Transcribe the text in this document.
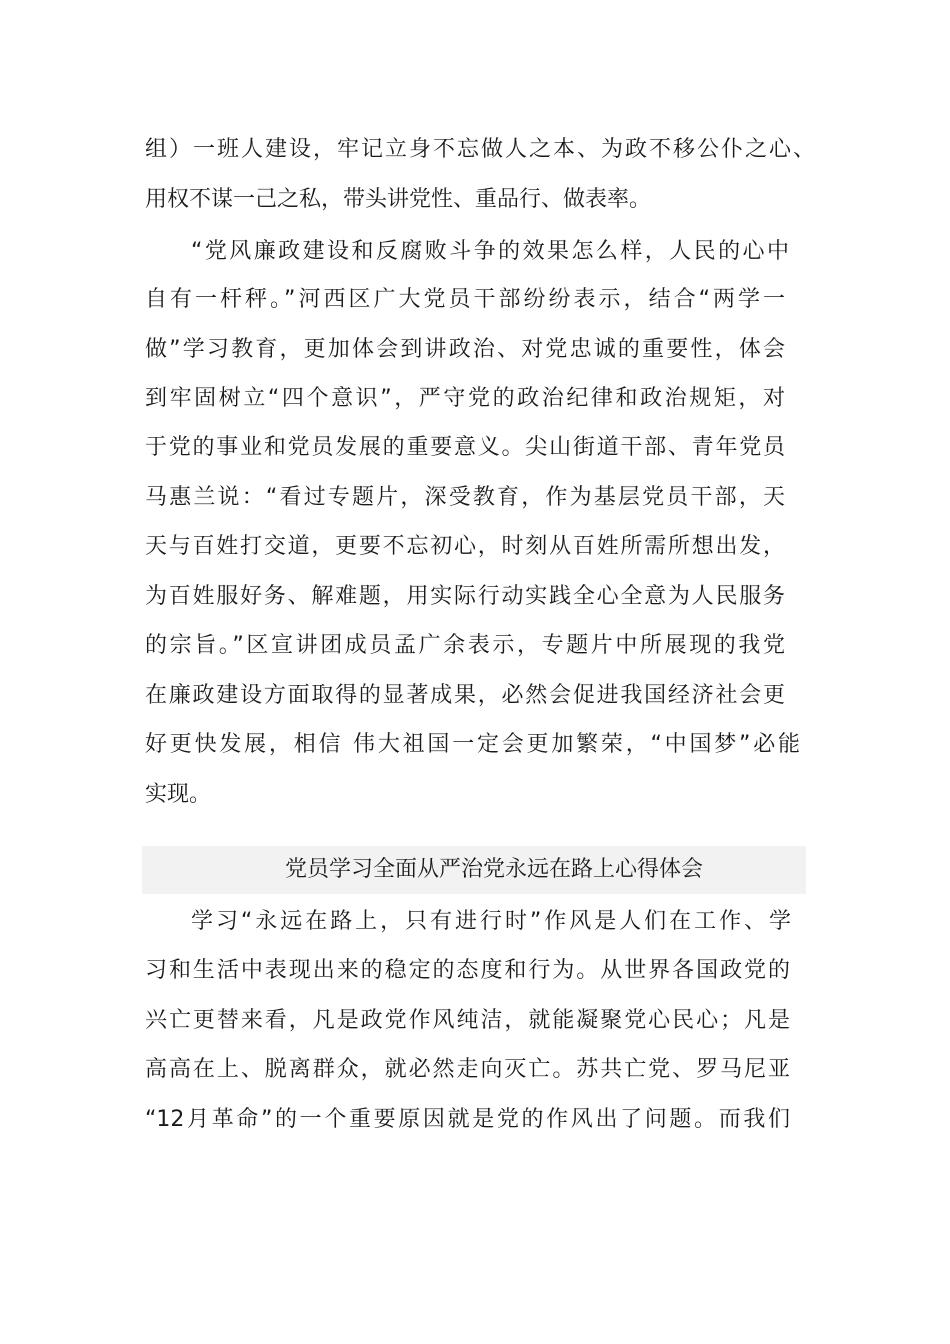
组）一班人建设，牢记立身不忘做人之本、为政不移公仆之心、

用权不谋一己之私，带头讲党性、重品行、做表率。

“党风廉政建设和反腐败斗争的效果怎么样，人民的心中

自有一杆秤。”河西区广大党员干部纷纷表示，结合“两学一

做”学习教育，更加体会到讲政治、对党忠诚的重要性，体会

到牢固树立“四个意识”，严守党的政治纪律和政治规矩，对

于党的事业和党员发展的重要意义。尖山街道干部、青年党员

马惠兰说：“看过专题片，深受教育，作为基层党员干部，天

天与百姓打交道，更要不忘初心，时刻从百姓所需所想出发，

为百姓服好务、解难题，用实际行动实践全心全意为人民服务

的宗旨。”区宣讲团成员孟广余表示，专题片中所展现的我党

在廉政建设方面取得的显著成果，必然会促进我国经济社会更

好更快发展，相信 伟大祖国一定会更加繁荣，“中国梦”必能

实现。

党员学习全面从严治党永远在路上心得体会

学习“永远在路上，只有进行时”作风是人们在工作、学

习和生活中表现出来的稳定的态度和行为。从世界各国政党的

兴亡更替来看，凡是政党作风纯洁，就能凝聚党心民心；凡是

高高在上、脱离群众，就必然走向灭亡。苏共亡党、罗马尼亚

“12月革命”的一个重要原因就是党的作风出了问题。而我们
